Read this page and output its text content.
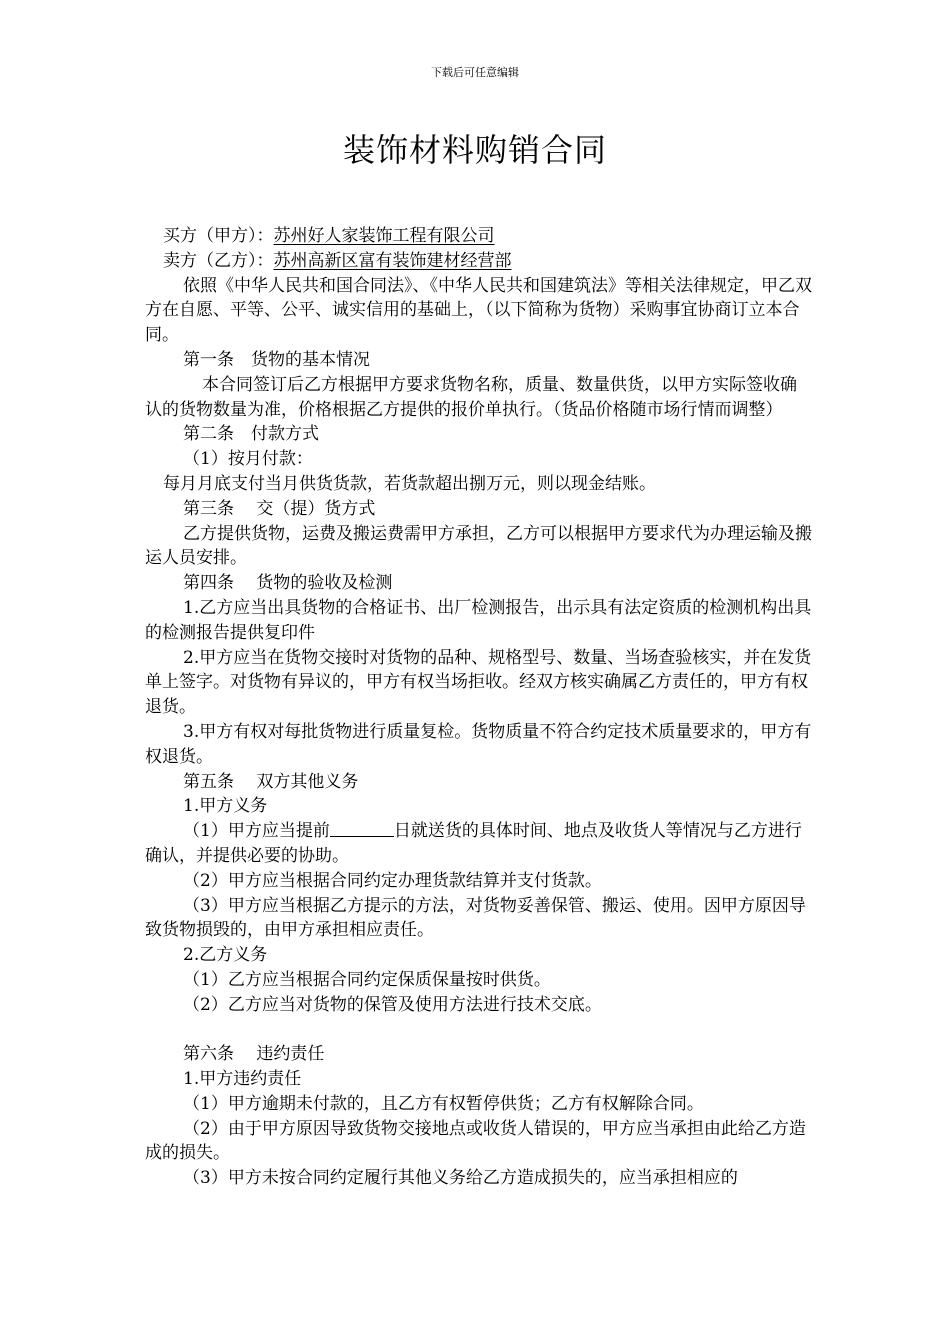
下载后可任意编辑
装饰材料购销合同

买方（甲方）：苏州好人家装饰工程有限公司

卖方（乙方）：苏州高新区富有装饰建材经营部

依照《中华人民共和国合同法》、《中华人民共和国建筑法》等相关法律规定，甲乙双方在自愿、平等、公平、诚实信用的基础上，（以下简称为货物）采购事宜协商订立本合同。

第一条　货物的基本情况

本合同签订后乙方根据甲方要求货物名称，质量、数量供货，以甲方实际签收确认的货物数量为准，价格根据乙方提供的报价单执行。（货品价格随市场行情而调整）

第二条　付款方式

（1）按月付款：

每月月底支付当月供货货款，若货款超出捌万元，则以现金结账。

第三条　 交（提）货方式

乙方提供货物，运费及搬运费需甲方承担，乙方可以根据甲方要求代为办理运输及搬运人员安排。

第四条　 货物的验收及检测

1.乙方应当出具货物的合格证书、出厂检测报告，出示具有法定资质的检测机构出具的检测报告提供复印件

2.甲方应当在货物交接时对货物的品种、规格型号、数量、当场查验核实，并在发货单上签字。对货物有异议的，甲方有权当场拒收。经双方核实确属乙方责任的，甲方有权退货。

3.甲方有权对每批货物进行质量复检。货物质量不符合约定技术质量要求的，甲方有权退货。

第五条　 双方其他义务

1.甲方义务

（1）甲方应当提前	日就送货的具体时间、地点及收货人等情况与乙方进行确认，并提供必要的协助。

（2）甲方应当根据合同约定办理货款结算并支付货款。

（3）甲方应当根据乙方提示的方法，对货物妥善保管、搬运、使用。因甲方原因导致货物损毁的，由甲方承担相应责任。

2.乙方义务

（1）乙方应当根据合同约定保质保量按时供货。

（2）乙方应当对货物的保管及使用方法进行技术交底。

第六条　 违约责任

1.甲方违约责任

（1）甲方逾期未付款的，且乙方有权暂停供货；乙方有权解除合同。

（2）由于甲方原因导致货物交接地点或收货人错误的，甲方应当承担由此给乙方造成的损失。

（3）甲方未按合同约定履行其他义务给乙方造成损失的，应当承担相应的
